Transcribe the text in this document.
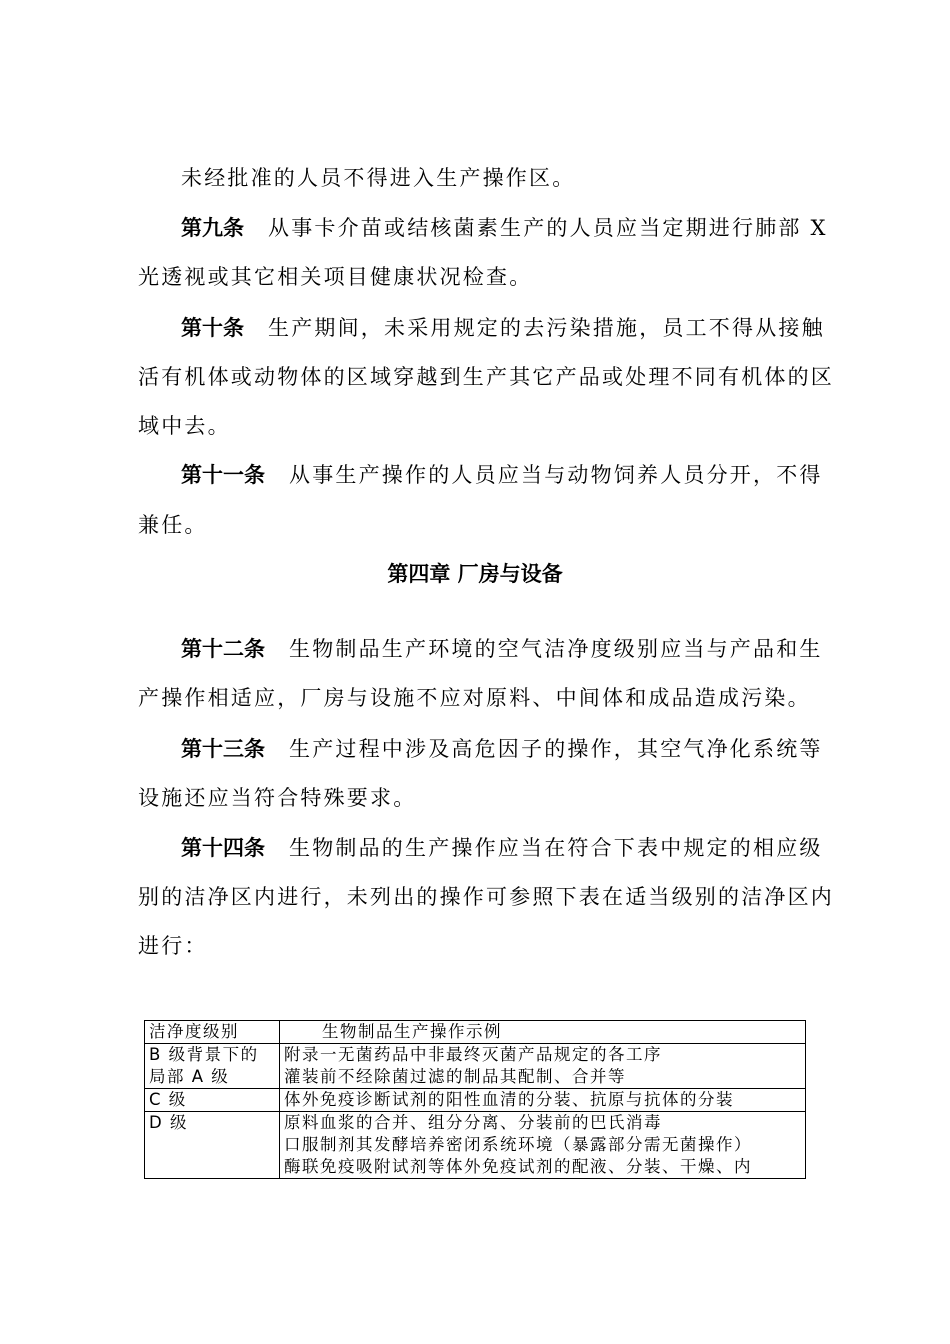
未经批准的人员不得进入生产操作区。
第九条 从事卡介苗或结核菌素生产的人员应当定期进行肺部 X
光透视或其它相关项目健康状况检查。
第十条 生产期间，未采用规定的去污染措施，员工不得从接触
活有机体或动物体的区域穿越到生产其它产品或处理不同有机体的区
域中去。
第十一条 从事生产操作的人员应当与动物饲养人员分开，不得
兼任。
第四章 厂房与设备
第十二条 生物制品生产环境的空气洁净度级别应当与产品和生
产操作相适应，厂房与设施不应对原料、中间体和成品造成污染。
第十三条 生产过程中涉及高危因子的操作，其空气净化系统等
设施还应当符合特殊要求。
第十四条 生物制品的生产操作应当在符合下表中规定的相应级
别的洁净区内进行，未列出的操作可参照下表在适当级别的洁净区内
进行：
洁净度级别	生物制品生产操作示例

B 级背景下的
局部 A 级	附录一无菌药品中非最终灭菌产品规定的各工序
灌装前不经除菌过滤的制品其配制、合并等

C 级	体外免疫诊断试剂的阳性血清的分装、抗原与抗体的分装

D 级	原料血浆的合并、组分分离、分装前的巴氏消毒
口服制剂其发酵培养密闭系统环境（暴露部分需无菌操作）
酶联免疫吸附试剂等体外免疫试剂的配液、分装、干燥、内
